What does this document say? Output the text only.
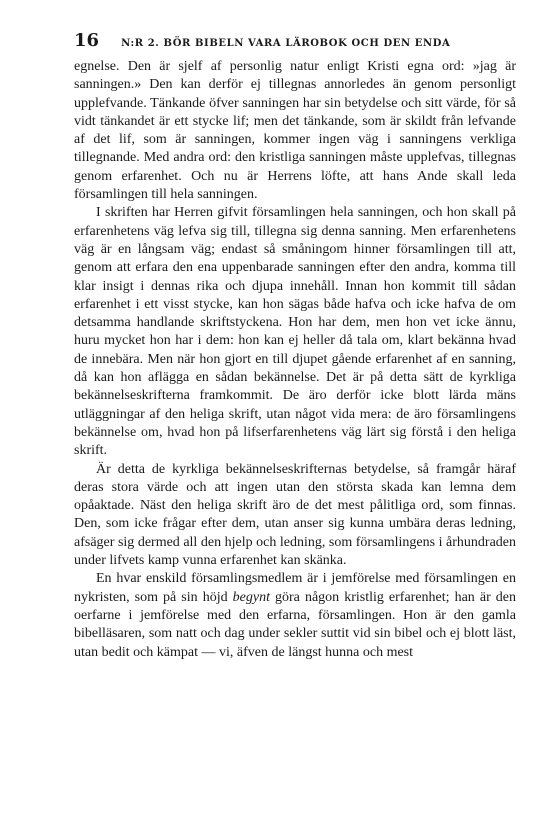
16 N:R 2. BÖR BIBELN VARA LÄROBOK OCH DEN ENDA

egnelse. Den är sjelf af personlig natur enligt Kristi egna ord: »jag är sanningen.» Den kan derför ej tillegnas annorledes än genom personligt upplefvande. Tänkande öfver sanningen har sin betydelse och sitt värde, för så vidt tänkandet är ett stycke lif; men det tänkande, som är skildt från lefvande af det lif, som är sanningen, kommer ingen väg i sanningens verkliga tillegnande. Med andra ord: den kristliga sanningen måste upplefvas, tillegnas genom erfarenhet. Och nu är Herrens löfte, att hans Ande skall leda församlingen till hela sanningen.

I skriften har Herren gifvit församlingen hela sanningen, och hon skall på erfarenhetens väg lefva sig till, tillegna sig denna sanning. Men erfarenhetens väg är en långsam väg; endast så småningom hinner församlingen till att, genom att erfara den ena uppenbarade sanningen efter den andra, komma till klar insigt i dennas rika och djupa innehåll. Innan hon kommit till sådan erfarenhet i ett visst stycke, kan hon sägas både hafva och icke hafva de om detsamma handlande skriftstyckena. Hon har dem, men hon vet icke ännu, huru mycket hon har i dem: hon kan ej heller då tala om, klart bekänna hvad de innebära. Men när hon gjort en till djupet gående erfarenhet af en sanning, då kan hon aflägga en sådan bekännelse. Det är på detta sätt de kyrkliga bekännelseskrifterna framkommit. De äro derför icke blott lärda mäns utläggningar af den heliga skrift, utan något vida mera: de äro församlingens bekännelse om, hvad hon på lifserfarenhetens väg lärt sig förstå i den heliga skrift.

Är detta de kyrkliga bekännelseskrifternas betydelse, så framgår häraf deras stora värde och att ingen utan den största skada kan lemna dem opåaktade. Näst den heliga skrift äro de det mest pålitliga ord, som finnas. Den, som icke frågar efter dem, utan anser sig kunna umbära deras ledning, afsäger sig dermed all den hjelp och ledning, som församlingens i århundraden under lifvets kamp vunna erfarenhet kan skänka.

En hvar enskild församlingsmedlem är i jemförelse med församlingen en nykristen, som på sin höjd begynt göra någon kristlig erfarenhet; han är den oerfarne i jemförelse med den erfarna, församlingen. Hon är den gamla bibelläsaren, som natt och dag under sekler suttit vid sin bibel och ej blott läst, utan bedit och kämpat — vi, äfven de längst hunna och mest
